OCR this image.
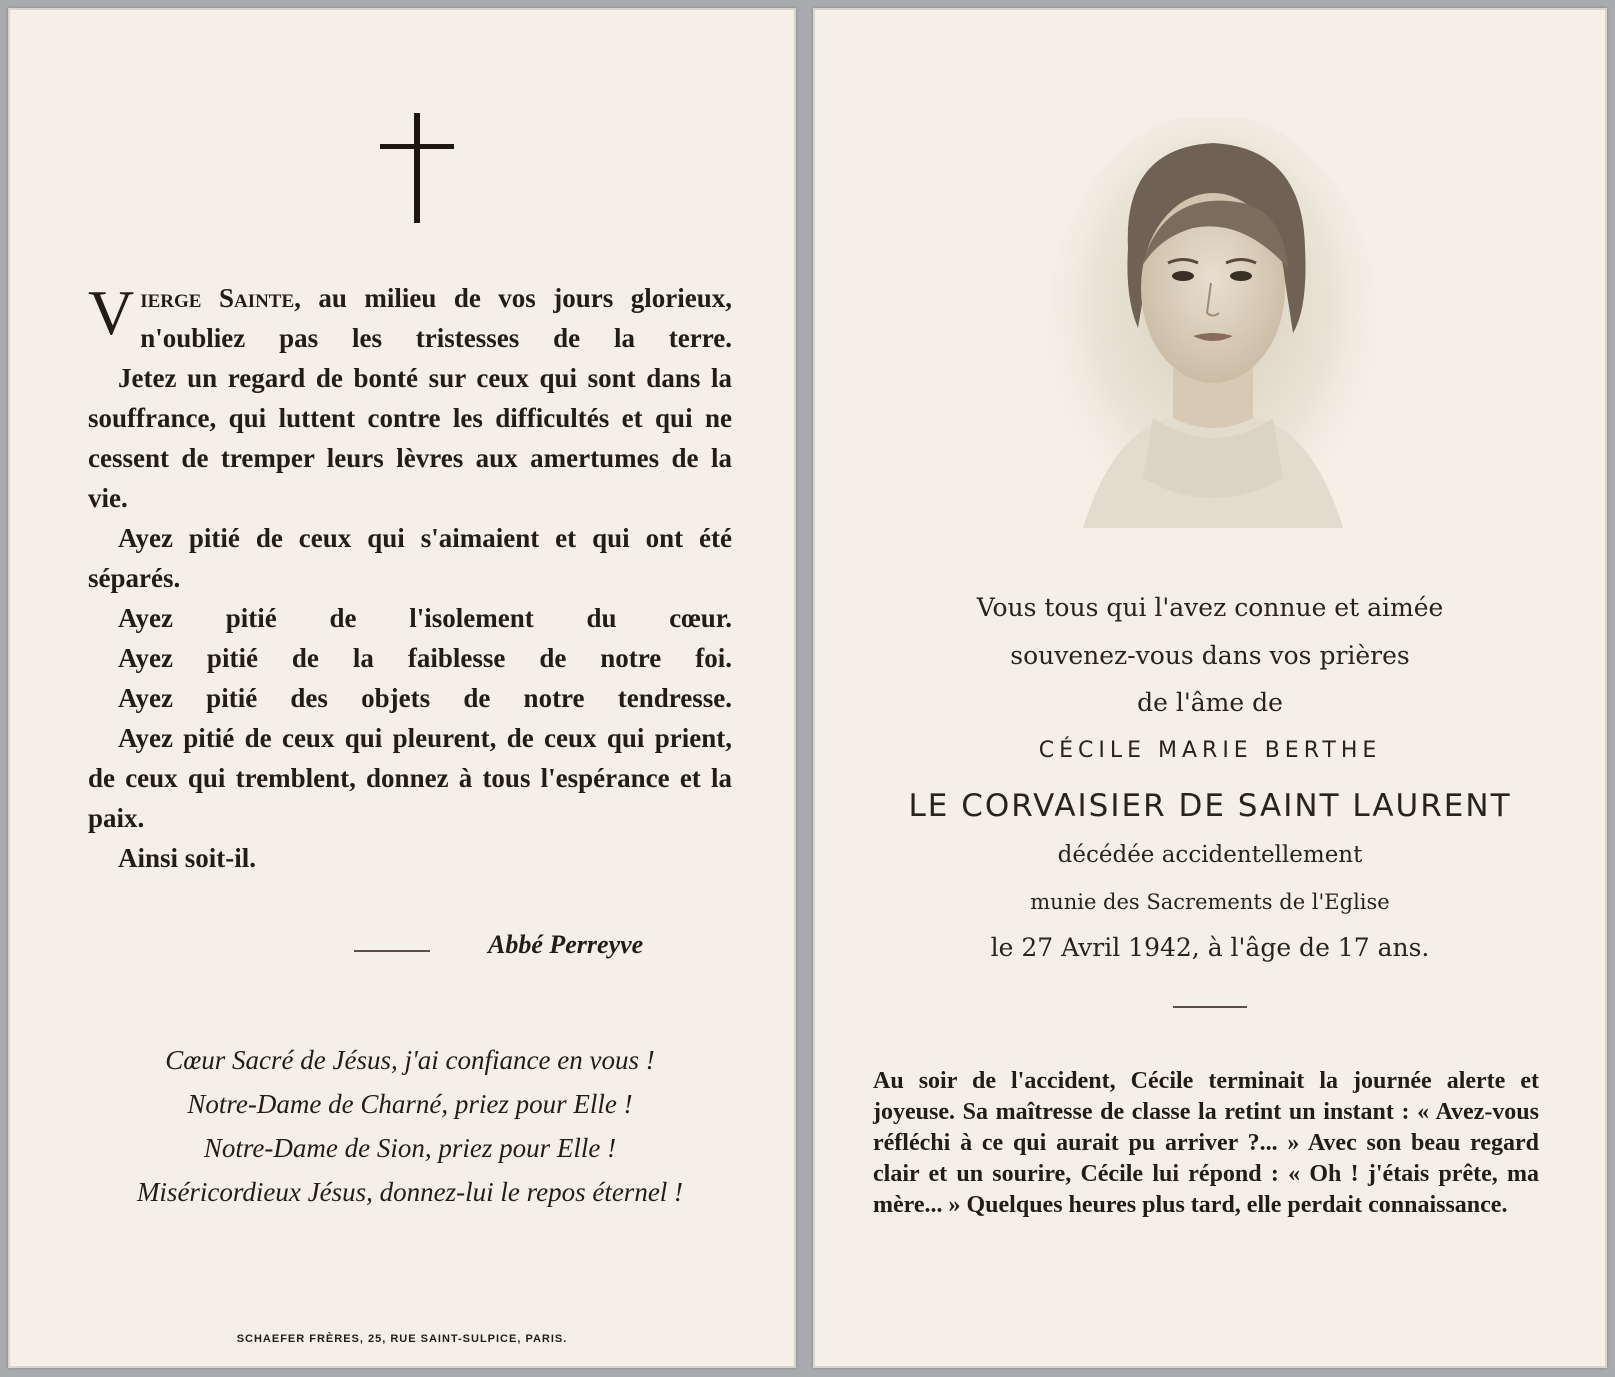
Vierge Sainte, au milieu de vos jours glorieux, n'oubliez pas les tristesses de la terre.

Jetez un regard de bonté sur ceux qui sont dans la souffrance, qui luttent contre les difficultés et qui ne cessent de tremper leurs lèvres aux amertumes de la vie.

Ayez pitié de ceux qui s'aimaient et qui ont été séparés.

Ayez pitié de l'isolement du cœur.

Ayez pitié de la faiblesse de notre foi.

Ayez pitié des objets de notre tendresse.

Ayez pitié de ceux qui pleurent, de ceux qui prient, de ceux qui tremblent, donnez à tous l'espérance et la paix.

Ainsi soit-il.

Abbé Perreyve
Cœur Sacré de Jésus, j'ai confiance en vous !
Notre-Dame de Charné, priez pour Elle !
Notre-Dame de Sion, priez pour Elle !
Miséricordieux Jésus, donnez-lui le repos éternel !
SCHAEFER FRÈRES, 25, RUE SAINT-SULPICE, PARIS.
Vous tous qui l'avez connue et aimée
souvenez-vous dans vos prières
de l'âme de
CÉCILE MARIE BERTHE
LE CORVAISIER DE SAINT LAURENT
décédée accidentellement
munie des Sacrements de l'Eglise
le 27 Avril 1942, à l'âge de 17 ans.

Au soir de l'accident, Cécile terminait la journée alerte et joyeuse. Sa maîtresse de classe la retint un instant : « Avez-vous réfléchi à ce qui aurait pu arriver ?... » Avec son beau regard clair et un sourire, Cécile lui répond : « Oh ! j'étais prête, ma mère... » Quelques heures plus tard, elle perdait connaissance.
